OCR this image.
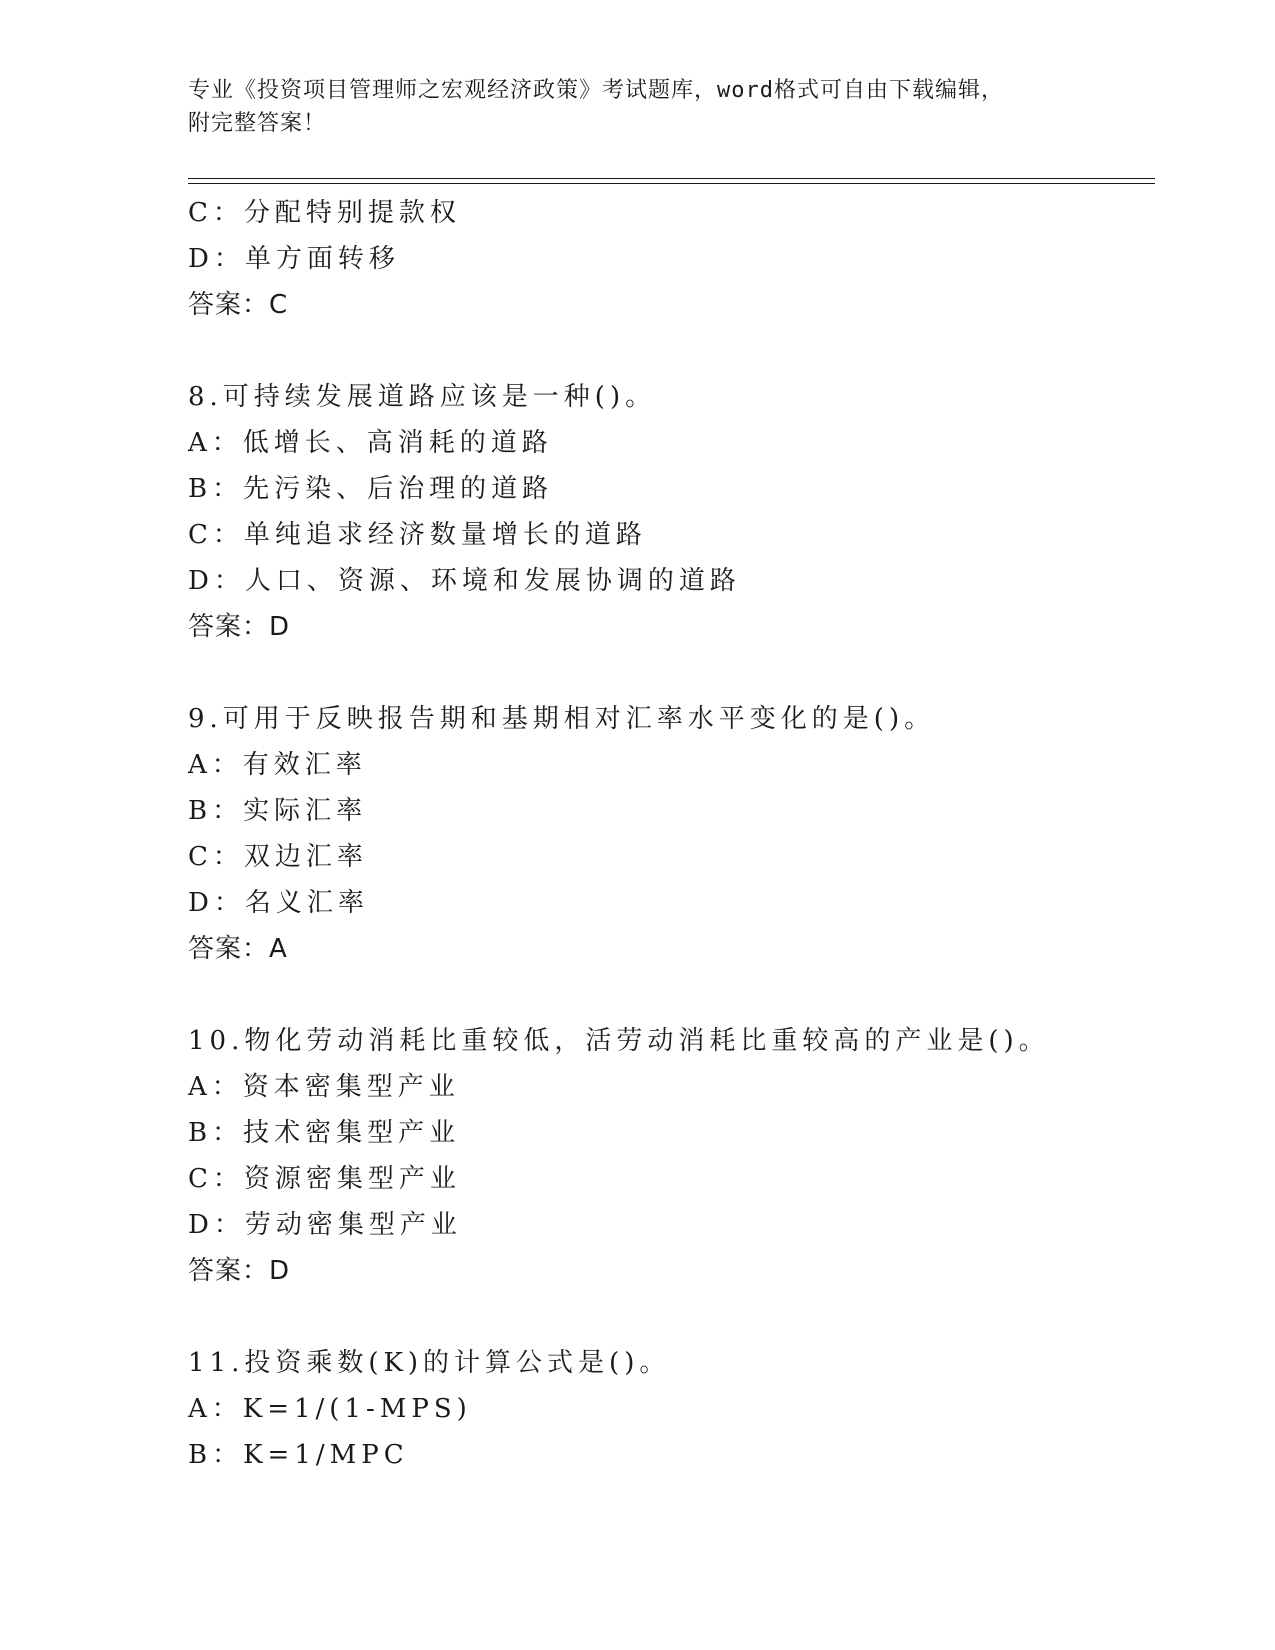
专业《投资项目管理师之宏观经济政策》考试题库，word格式可自由下载编辑，
附完整答案！
C：分配特别提款权
D：单方面转移
答案：C
8.可持续发展道路应该是一种()。
A：低增长、高消耗的道路
B：先污染、后治理的道路
C：单纯追求经济数量增长的道路
D：人口、资源、环境和发展协调的道路
答案：D
9.可用于反映报告期和基期相对汇率水平变化的是()。
A：有效汇率
B：实际汇率
C：双边汇率
D：名义汇率
答案：A
10.物化劳动消耗比重较低，活劳动消耗比重较高的产业是()。
A：资本密集型产业
B：技术密集型产业
C：资源密集型产业
D：劳动密集型产业
答案：D
11.投资乘数(K)的计算公式是()。
A：K=1/(1-MPS)
B：K=1/MPC
